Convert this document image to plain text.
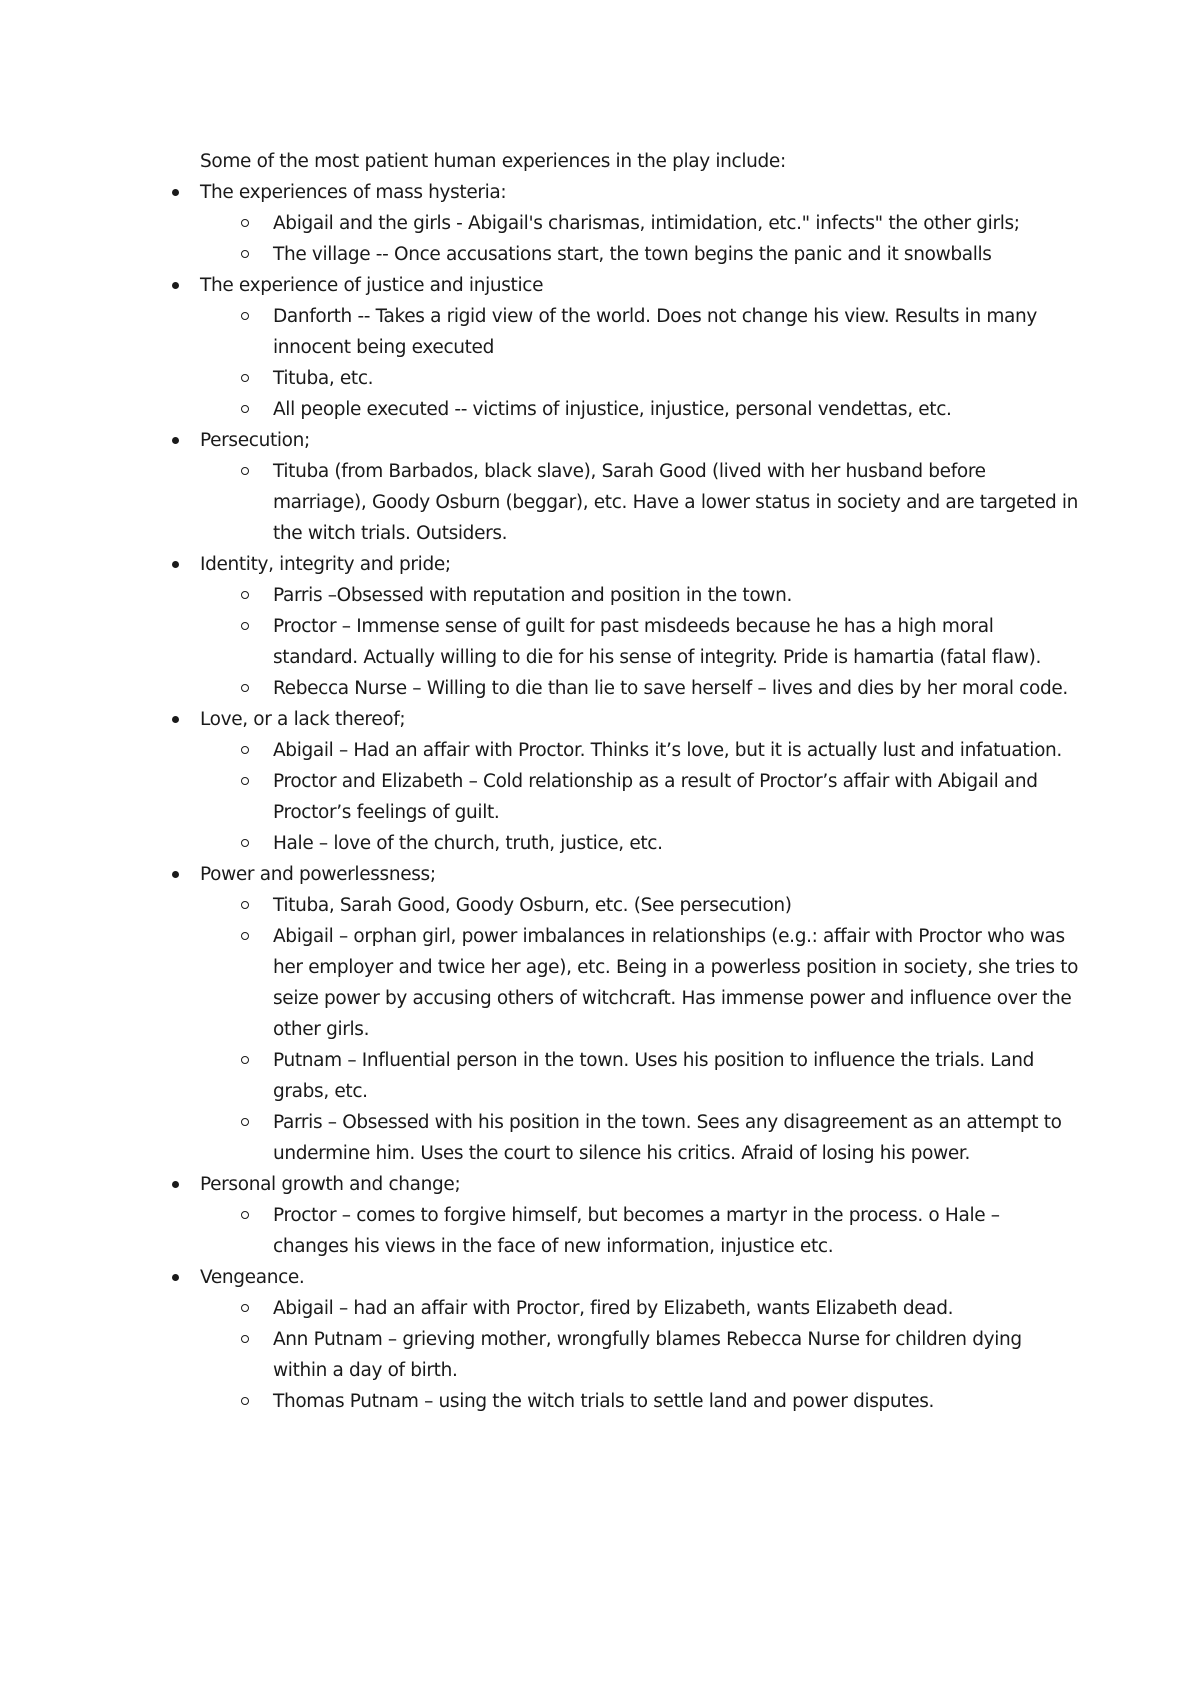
Some of the most patient human experiences in the play include:

The experiences of mass hysteria:
Abigail and the girls - Abigail's charismas, intimidation, etc." infects" the other girls;
The village -- Once accusations start, the town begins the panic and it snowballs
The experience of justice and injustice
Danforth -- Takes a rigid view of the world. Does not change his view. Results in many innocent being executed
Tituba, etc.
All people executed -- victims of injustice, injustice, personal vendettas, etc.
Persecution;
Tituba (from Barbados, black slave), Sarah Good (lived with her husband before marriage), Goody Osburn (beggar), etc. Have a lower status in society and are targeted in the witch trials. Outsiders.
Identity, integrity and pride;
Parris –Obsessed with reputation and position in the town.
Proctor – Immense sense of guilt for past misdeeds because he has a high moral standard. Actually willing to die for his sense of integrity. Pride is hamartia (fatal flaw).
Rebecca Nurse – Willing to die than lie to save herself – lives and dies by her moral code.
Love, or a lack thereof;
Abigail – Had an affair with Proctor. Thinks it’s love, but it is actually lust and infatuation.
Proctor and Elizabeth – Cold relationship as a result of Proctor’s affair with Abigail and Proctor’s feelings of guilt.
Hale – love of the church, truth, justice, etc.
Power and powerlessness;
Tituba, Sarah Good, Goody Osburn, etc. (See persecution)
Abigail – orphan girl, power imbalances in relationships (e.g.: affair with Proctor who was her employer and twice her age), etc. Being in a powerless position in society, she tries to seize power by accusing others of witchcraft. Has immense power and influence over the other girls.
Putnam – Influential person in the town. Uses his position to influence the trials. Land grabs, etc.
Parris – Obsessed with his position in the town. Sees any disagreement as an attempt to undermine him. Uses the court to silence his critics. Afraid of losing his power.
Personal growth and change;
Proctor – comes to forgive himself, but becomes a martyr in the process. o Hale – changes his views in the face of new information, injustice etc.
Vengeance.
Abigail – had an affair with Proctor, fired by Elizabeth, wants Elizabeth dead.
Ann Putnam – grieving mother, wrongfully blames Rebecca Nurse for children dying within a day of birth.
Thomas Putnam – using the witch trials to settle land and power disputes.
